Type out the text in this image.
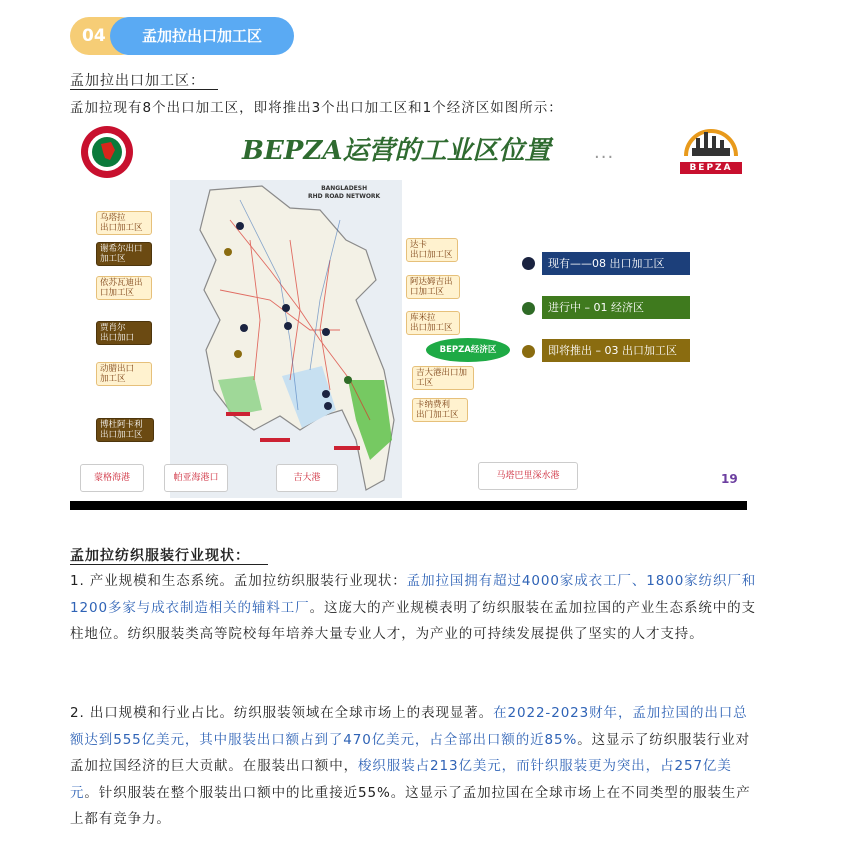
04	孟加拉出口加工区
孟加拉出口加工区：
孟加拉现有8个出口加工区，即将推出3个出口加工区和1个经济区如图所示：
BEPZA运营的工业区位置 ...
BEPZA
BANGLADESH
RHD ROAD NETWORK
乌塔拉
出口加工区
谢希尔出口
加工区
依苏瓦迪出
口加工区
贾肖尔
出口加口
动腊出口
加工区
博杜阿卡利
出口加工区
达卡
出口加工区
阿达姆吉出
口加工区
库米拉
出口加工区
吉大港出口加
工区
卡纳费利
出门加工区
蒙格海港	帕亚海港口	吉大港	马塔巴里深水港
BEPZA经济区
现有——08 出口加工区
进行中 – 01 经济区
即将推出 – 03 出口加工区
19
孟加拉纺织服装行业现状：
1. 产业规模和生态系统。孟加拉纺织服装行业现状：孟加拉国拥有超过4000家成衣工厂、1800家纺织厂和1200多家与成衣制造相关的辅料工厂。这庞大的产业规模表明了纺织服装在孟加拉国的产业生态系统中的支柱地位。纺织服装类高等院校每年培养大量专业人才，为产业的可持续发展提供了坚实的人才支持。
2. 出口规模和行业占比。纺织服装领域在全球市场上的表现显著。在2022-2023财年，孟加拉国的出口总额达到555亿美元，其中服装出口额占到了470亿美元，占全部出口额的近85%。这显示了纺织服装行业对孟加拉国经济的巨大贡献。在服装出口额中，梭织服装占213亿美元，而针织服装更为突出，占257亿美元。针织服装在整个服装出口额中的比重接近55%。这显示了孟加拉国在全球市场上在不同类型的服装生产上都有竞争力。
